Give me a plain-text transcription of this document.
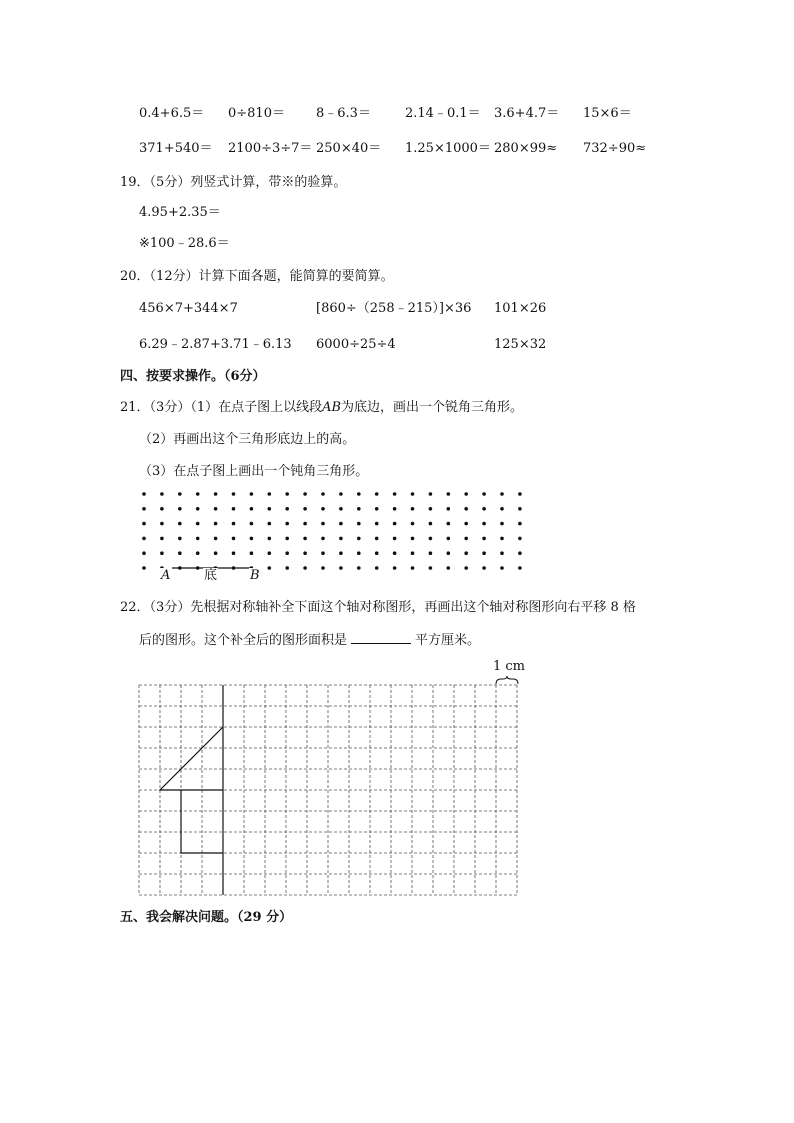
0.4+6.5＝ 0÷810＝ 8﹣6.3＝	2.14﹣0.1＝ 3.6+4.7＝ 15×6＝
371+540＝ 2100÷3÷7＝ 250×40＝ 1.25×1000＝ 280×99≈ 732÷90≈
19．（5分）列竖式计算，带※的验算。
4.95+2.35＝
※100﹣28.6＝
20．（12分）计算下面各题，能简算的要简算。
456×7+344×7	[860÷（258﹣215）]×36 101×26
6.29﹣2.87+3.71﹣6.13 6000÷25÷4	125×32
四、按要求操作。（6分）
21．（3分）（1）在点子图上以线段AB为底边，画出一个锐角三角形。
（2）再画出这个三角形底边上的高。
（3）在点子图上画出一个钝角三角形。
A	底	B
22．（3分）先根据对称轴补全下面这个轴对称图形，再画出这个轴对称图形向右平移 8 格
后的图形。这个补全后的图形面积是	平方厘米。
1 cm
五、我会解决问题。（29 分）
